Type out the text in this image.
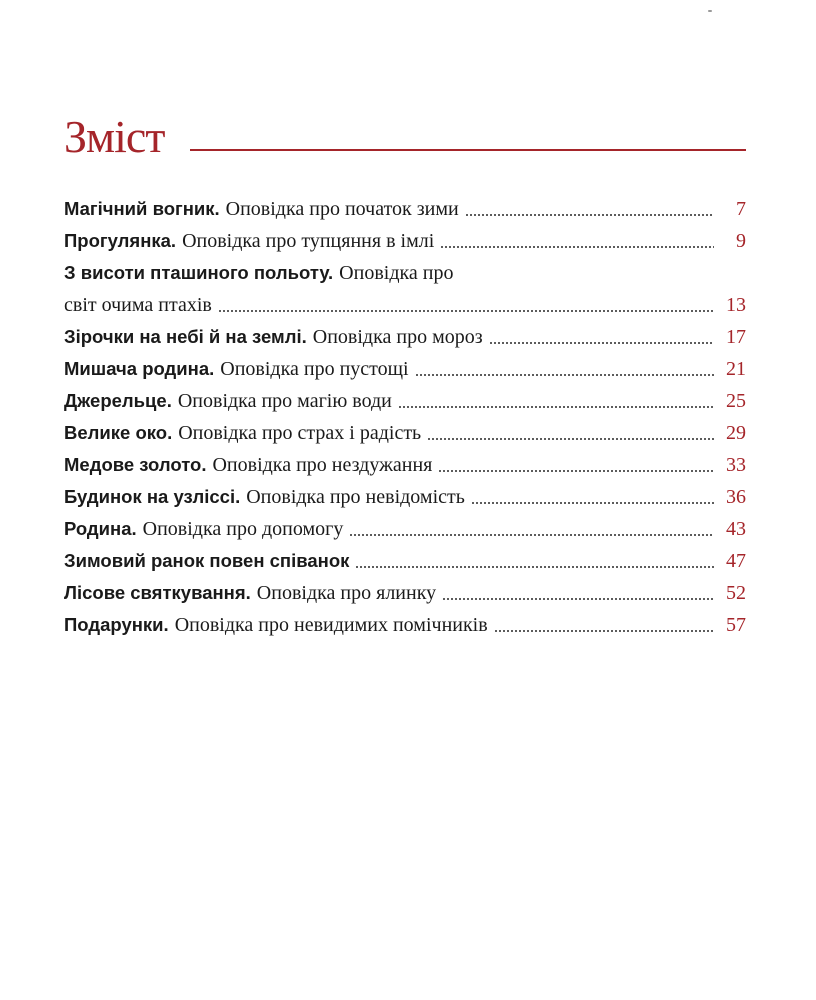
Зміст
Магічний вогник. Оповідка про початок зими	7
Прогулянка. Оповідка про тупцяння в імлі	9
З висоти пташиного польоту. Оповідка про
світ очима птахів	13
Зірочки на небі й на землі. Оповідка про мороз	17
Мишача родина. Оповідка про пустощі	21
Джерельце. Оповідка про магію води	25
Велике око. Оповідка про страх і радість	29
Медове золото. Оповідка про нездужання	33
Будинок на узліссі. Оповідка про невідомість	36
Родина. Оповідка про допомогу	43
Зимовий ранок повен співанок	47
Лісове святкування. Оповідка про ялинку	52
Подарунки. Оповідка про невидимих помічників	57
